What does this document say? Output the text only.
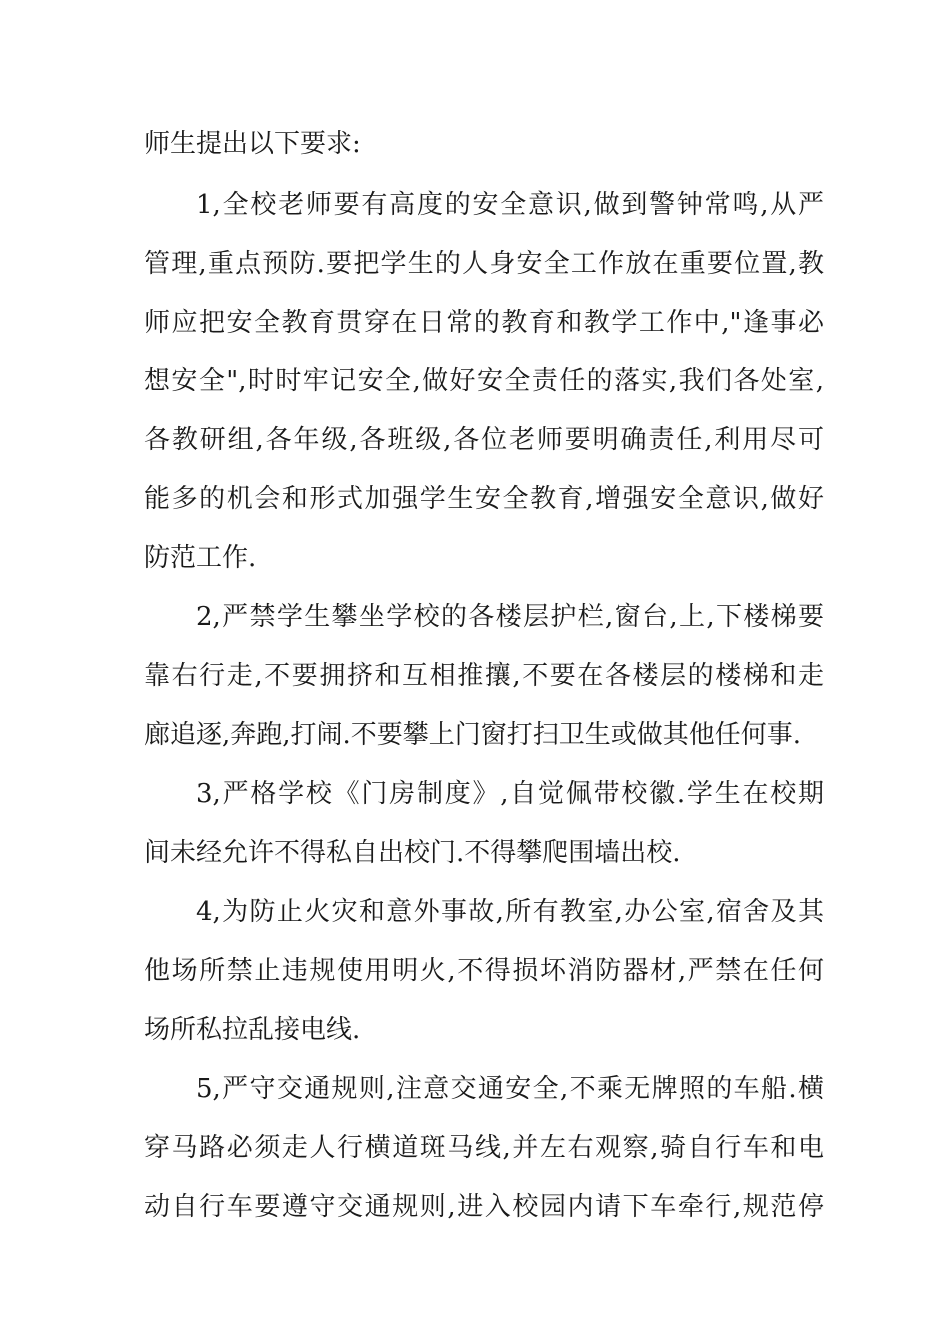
师生提出以下要求:
1,全校老师要有高度的安全意识,做到警钟常鸣,从严
管理,重点预防.要把学生的人身安全工作放在重要位置,教
师应把安全教育贯穿在日常的教育和教学工作中,"逢事必
想安全",时时牢记安全,做好安全责任的落实,我们各处室,
各教研组,各年级,各班级,各位老师要明确责任,利用尽可
能多的机会和形式加强学生安全教育,增强安全意识,做好
防范工作.
2,严禁学生攀坐学校的各楼层护栏,窗台,上,下楼梯要
靠右行走,不要拥挤和互相推攘,不要在各楼层的楼梯和走
廊追逐,奔跑,打闹.不要攀上门窗打扫卫生或做其他任何事.
3,严格学校《门房制度》,自觉佩带校徽.学生在校期
间未经允许不得私自出校门.不得攀爬围墙出校.
4,为防止火灾和意外事故,所有教室,办公室,宿舍及其
他场所禁止违规使用明火,不得损坏消防器材,严禁在任何
场所私拉乱接电线.
5,严守交通规则,注意交通安全,不乘无牌照的车船.横
穿马路必须走人行横道斑马线,并左右观察,骑自行车和电
动自行车要遵守交通规则,进入校园内请下车牵行,规范停
